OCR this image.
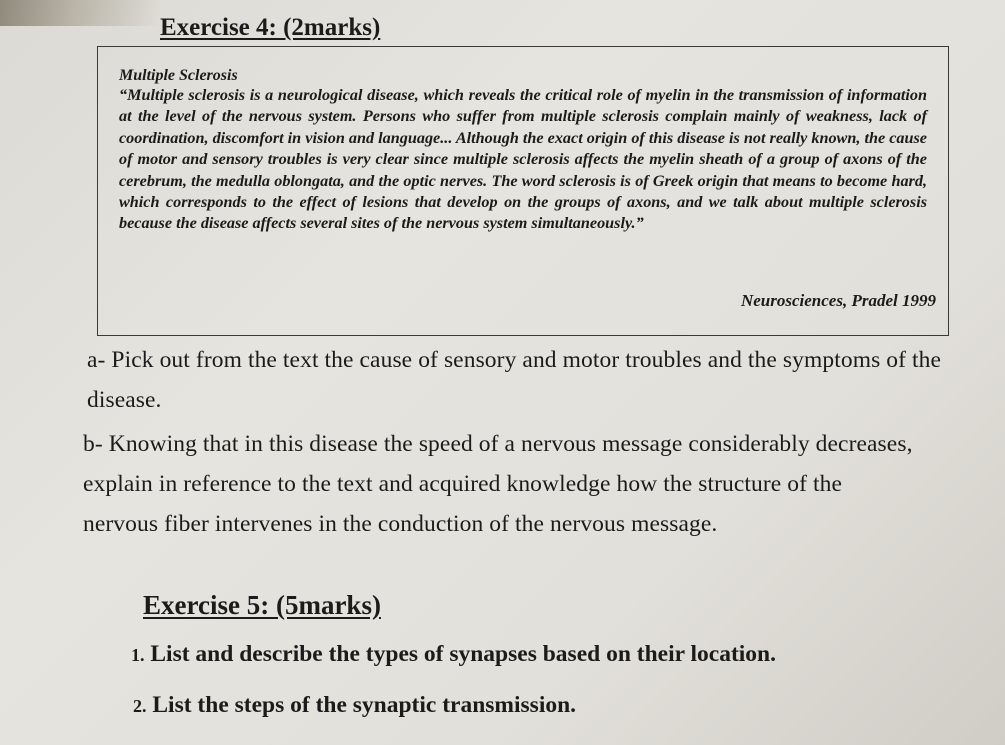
Exercise 4: (2marks)
Multiple Sclerosis
“Multiple sclerosis is a neurological disease, which reveals the critical role of myelin in the transmission of information at the level of the nervous system. Persons who suffer from multiple sclerosis complain mainly of weakness, lack of coordination, discomfort in vision and language... Although the exact origin of this disease is not really known, the cause of motor and sensory troubles is very clear since multiple sclerosis affects the myelin sheath of a group of axons of the cerebrum, the medulla oblongata, and the optic nerves. The word sclerosis is of Greek origin that means to become hard, which corresponds to the effect of lesions that develop on the groups of axons, and we talk about multiple sclerosis because the disease affects several sites of the nervous system simultaneously.”
Neurosciences, Pradel 1999
a- Pick out from the text the cause of sensory and motor troubles and the symptoms of the disease.
b- Knowing that in this disease the speed of a nervous message considerably decreases, explain in reference to the text and acquired knowledge how the structure of the nervous fiber intervenes in the conduction of the nervous message.
Exercise 5: (5marks)
1. List and describe the types of synapses based on their location.
2. List the steps of the synaptic transmission.
